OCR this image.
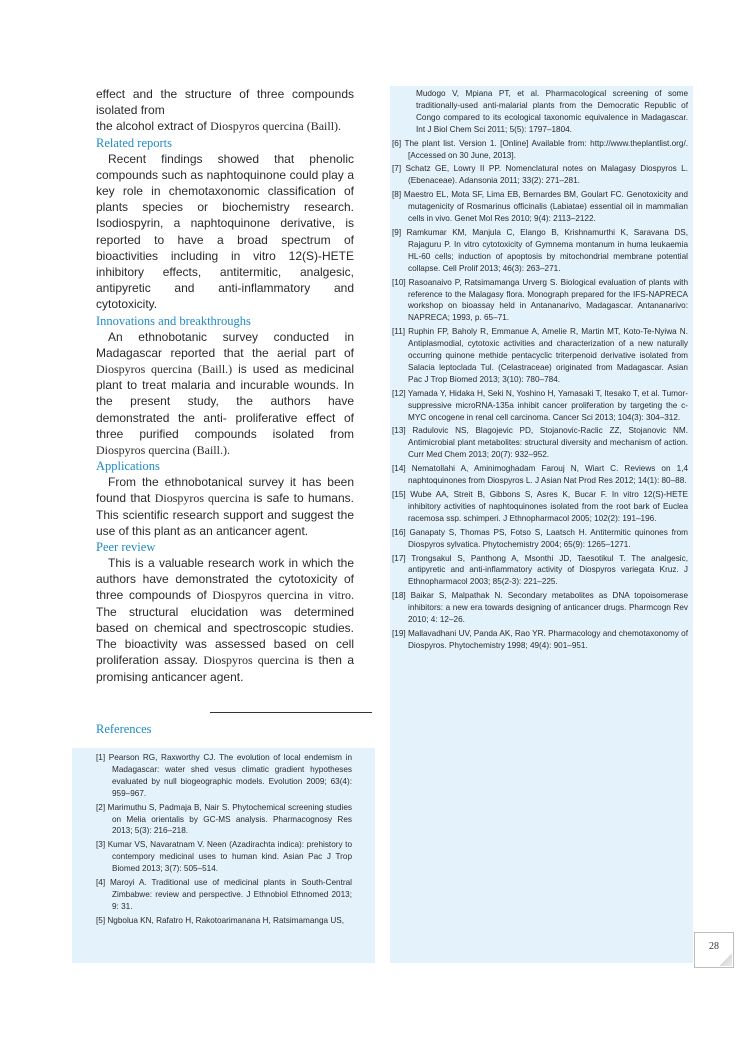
effect and the structure of three compounds isolated from
the alcohol extract of Diospyros quercina (Baill).

Related reports

Recent findings showed that phenolic compounds such as naphtoquinone could play a key role in chemotaxonomic classification of plants species or biochemistry research. Isodiospyrin, a naphtoquinone derivative, is reported to have a broad spectrum of bioactivities including in vitro 12(S)-HETE inhibitory effects, antitermitic, analgesic, antipyretic and anti-inflammatory and cytotoxicity.

Innovations and breakthroughs

An ethnobotanic survey conducted in Madagascar reported that the aerial part of Diospyros quercina (Baill.) is used as medicinal plant to treat malaria and incurable wounds. In the present study, the authors have demonstrated the anti- proliferative effect of three purified compounds isolated from Diospyros quercina (Baill.).

Applications

From the ethnobotanical survey it has been found that Diospyros quercina is safe to humans. This scientific research support and suggest the use of this plant as an anticancer agent.

Peer review

This is a valuable research work in which the authors have demonstrated the cytotoxicity of three compounds of Diospyros quercina in vitro. The structural elucidation was determined based on chemical and spectroscopic studies. The bioactivity was assessed based on cell proliferation assay. Diospyros quercina is then a promising anticancer agent.

References

[1] Pearson RG, Raxworthy CJ. The evolution of local endemism in Madagascar: water shed vesus climatic gradient hypotheses evaluated by null biogeographic models. Evolution 2009; 63(4): 959–967.

[2] Marimuthu S, Padmaja B, Nair S. Phytochemical screening studies on Melia orientalis by GC-MS analysis. Pharmacognosy Res 2013; 5(3): 216–218.

[3] Kumar VS, Navaratnam V. Neen (Azadirachta indica): prehistory to contempory medicinal uses to human kind. Asian Pac J Trop Biomed 2013; 3(7): 505–514.

[4] Maroyi A. Traditional use of medicinal plants in South-Central Zimbabwe: review and perspective. J Ethnobiol Ethnomed 2013; 9: 31.

[5] Ngbolua KN, Rafatro H, Rakotoarimanana H, Ratsimamanga US,

Mudogo V, Mpiana PT, et al. Pharmacological screening of some traditionally-used anti-malarial plants from the Democratic Republic of Congo compared to its ecological taxonomic equivalence in Madagascar. Int J Biol Chem Sci 2011; 5(5): 1797–1804.

[6] The plant list. Version 1. [Online] Available from: http://www.theplantlist.org/. [Accessed on 30 June, 2013].

[7] Schatz GE, Lowry II PP. Nomenclatural notes on Malagasy Diospyros L. (Ebenaceae). Adansonia 2011; 33(2): 271–281.

[8] Maestro EL, Mota SF, Lima EB, Bernardes BM, Goulart FC. Genotoxicity and mutagenicity of Rosmarinus officinalis (Labiatae) essential oil in mammalian cells in vivo. Genet Mol Res 2010; 9(4): 2113–2122.

[9] Ramkumar KM, Manjula C, Elango B, Krishnamurthi K, Saravana DS, Rajaguru P. In vitro cytotoxicity of Gymnema montanum in huma leukaemia HL-60 cells; induction of apoptosis by mitochondrial membrane potential collapse. Cell Prolif 2013; 46(3): 263–271.

[10] Rasoanaivo P, Ratsimamanga Urverg S. Biological evaluation of plants with reference to the Malagasy flora. Monograph prepared for the IFS-NAPRECA workshop on bioassay held in Antananarivo, Madagascar. Antananarivo: NAPRECA; 1993, p. 65–71.

[11] Ruphin FP, Baholy R, Emmanue A, Amelie R, Martin MT, Koto-Te-Nyiwa N. Antiplasmodial, cytotoxic activities and characterization of a new naturally occurring quinone methide pentacyclic triterpenoid derivative isolated from Salacia leptoclada Tul. (Celastraceae) originated from Madagascar. Asian Pac J Trop Biomed 2013; 3(10): 780–784.

[12] Yamada Y, Hidaka H, Seki N, Yoshino H, Yamasaki T, Itesako T, et al. Tumor-suppressive microRNA-135a inhibit cancer proliferation by targeting the c-MYC oncogene in renal cell carcinoma. Cancer Sci 2013; 104(3): 304–312.

[13] Radulovic NS, Blagojevic PD, Stojanovic-Raclic ZZ, Stojanovic NM. Antimicrobial plant metabolites: structural diversity and mechanism of action. Curr Med Chem 2013; 20(7): 932–952.

[14] Nematollahi A, Aminimoghadam Farouj N, Wiart C. Reviews on 1,4 naphtoquinones from Diospyros L. J Asian Nat Prod Res 2012; 14(1): 80–88.

[15] Wube AA, Streit B, Gibbons S, Asres K, Bucar F. In vitro 12(S)-HETE inhibitory activities of naphtoquinones isolated from the root bark of Euclea racemosa ssp. schimperi. J Ethnopharmacol 2005; 102(2): 191–196.

[16] Ganapaty S, Thomas PS, Fotso S, Laatsch H. Antitermitic quinones from Diospyros sylvatica. Phytochemistry 2004; 65(9): 1265–1271.

[17] Trongsakul S, Panthong A, Msonthi JD, Taesotikul T. The analgesic, antipyretic and anti-inflammatory activity of Diospyros variegata Kruz. J Ethnopharmacol 2003; 85(2-3): 221–225.

[18] Baikar S, Malpathak N. Secondary metabolites as DNA topoisomerase inhibitors: a new era towards designing of anticancer drugs. Pharmcogn Rev 2010; 4: 12–26.

[19] Mallavadhani UV, Panda AK, Rao YR. Pharmacology and chemotaxonomy of Diospyros. Phytochemistry 1998; 49(4): 901–951.

28
